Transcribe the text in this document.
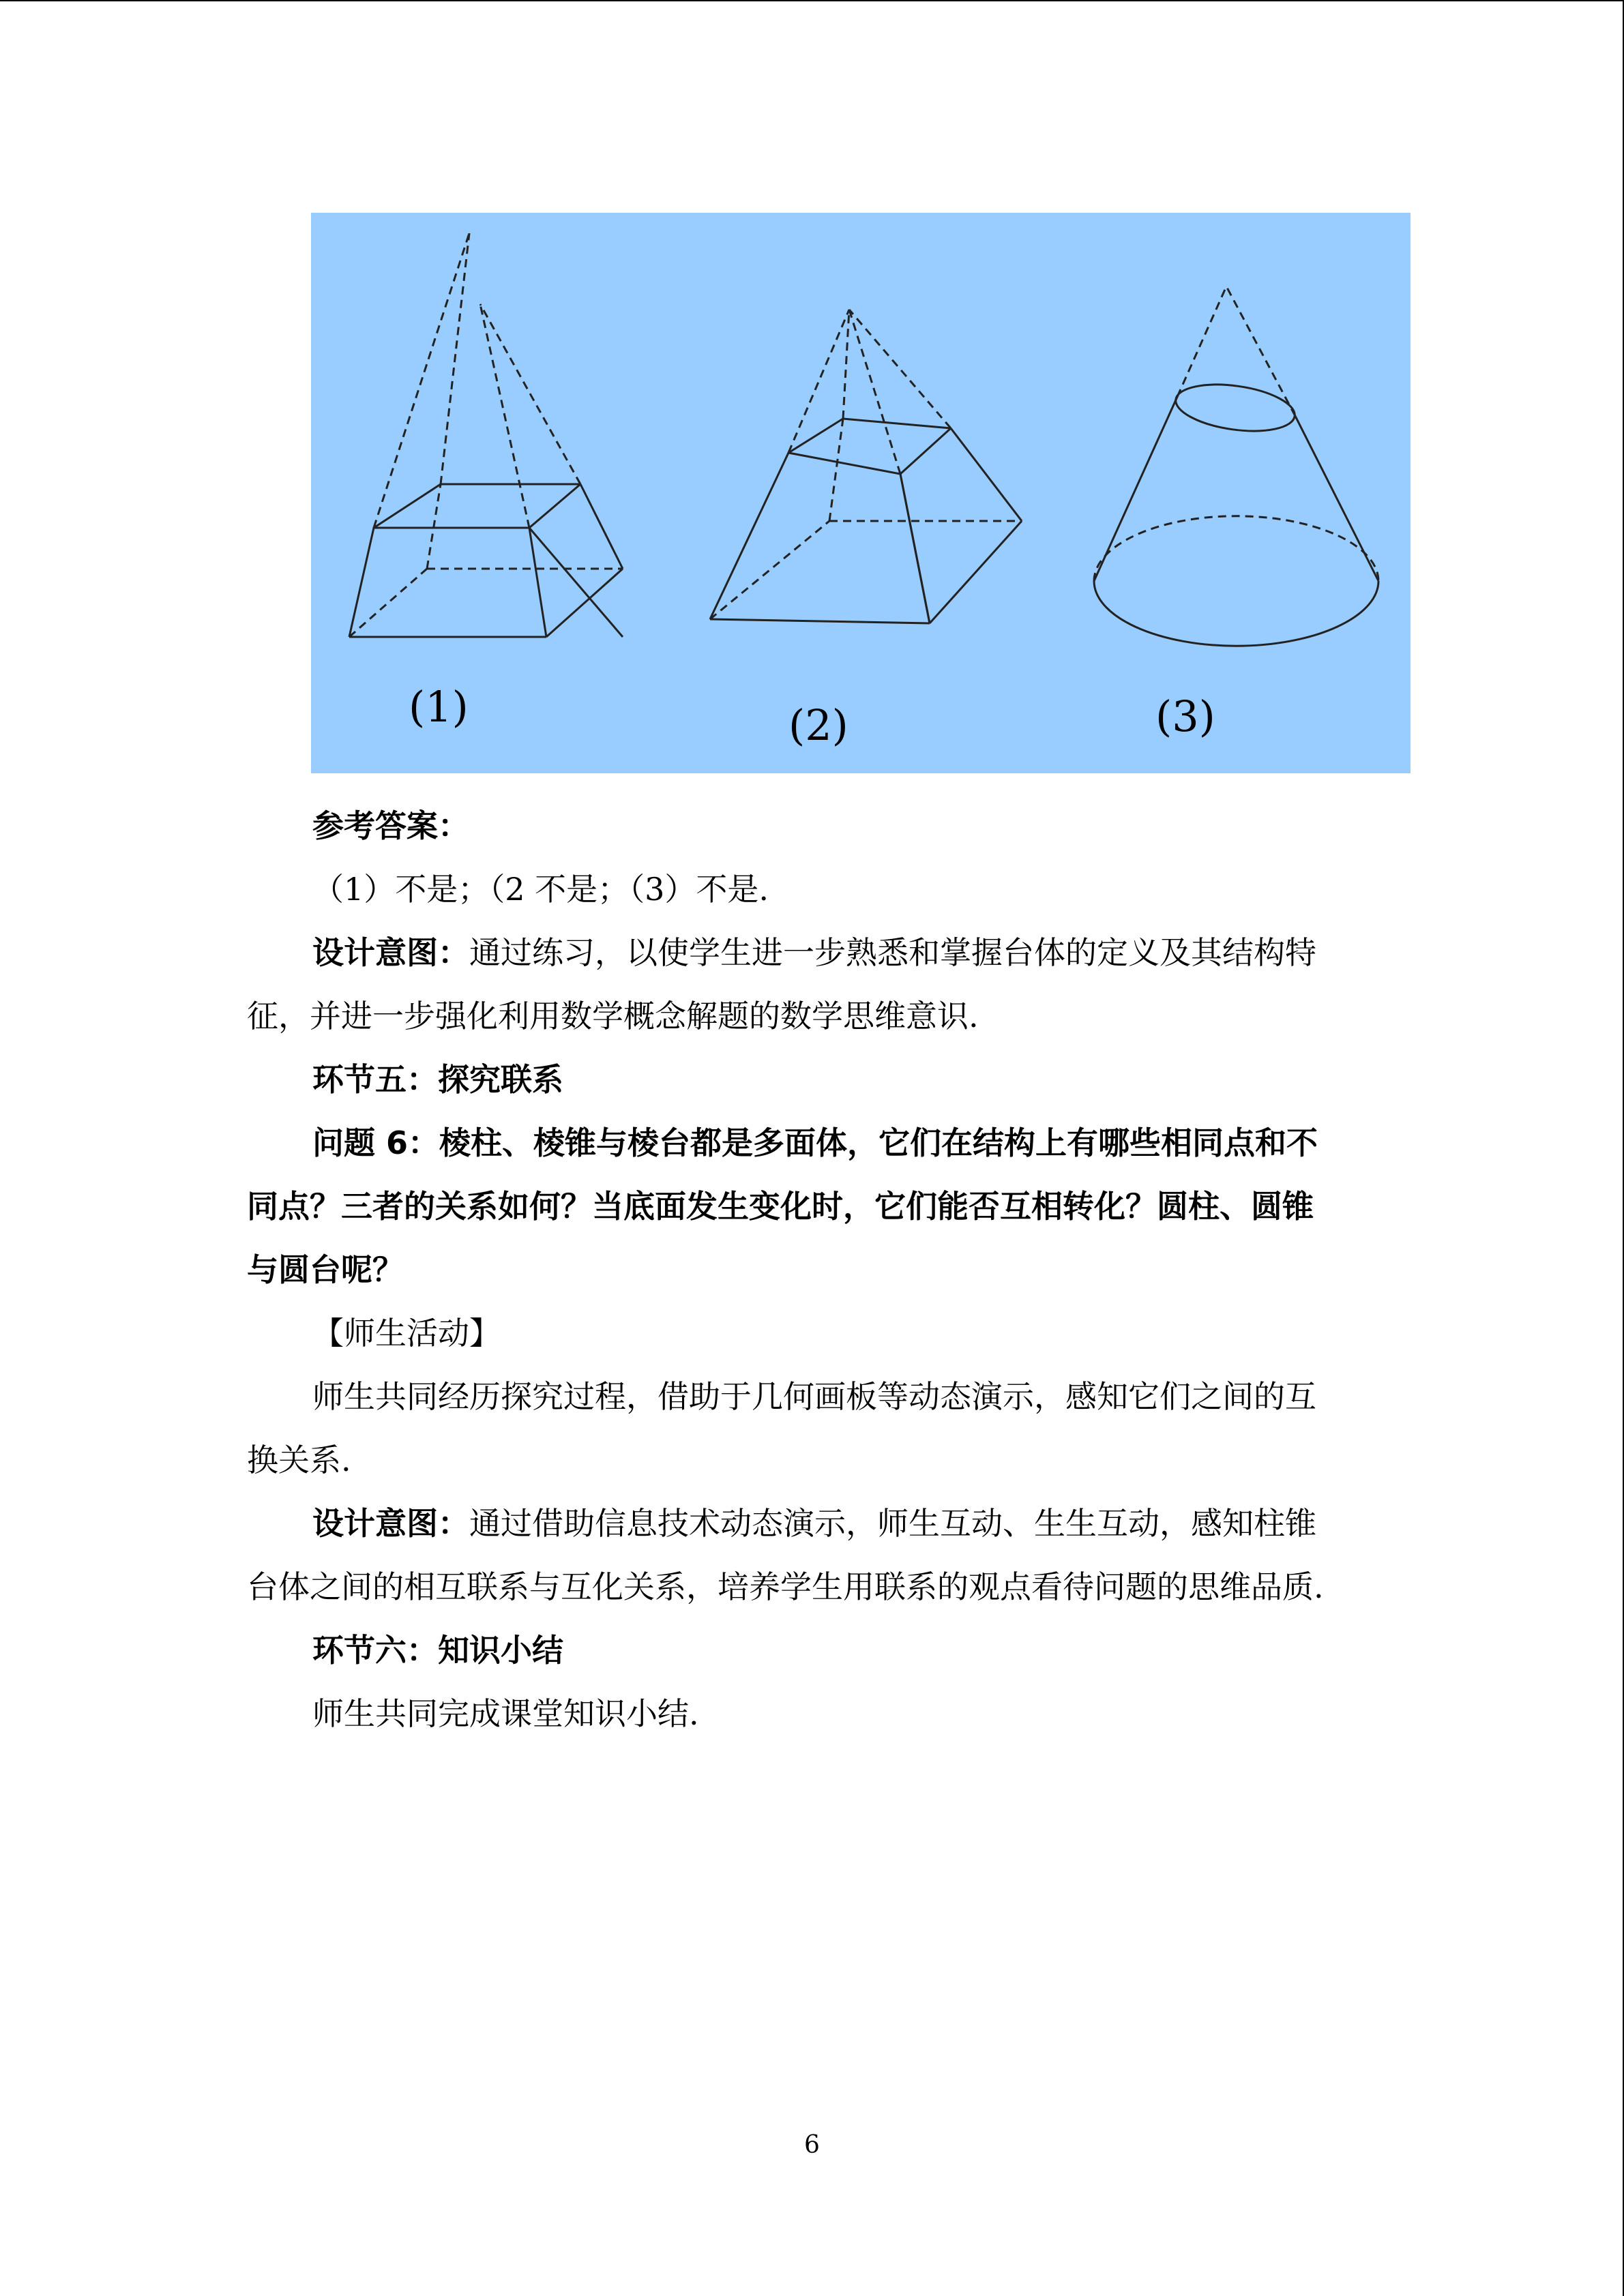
(1)	(2)	(3)
参考答案：
（1）不是；（2 不是；（3）不是.
设计意图：通过练习，以使学生进一步熟悉和掌握台体的定义及其结构特
征，并进一步强化利用数学概念解题的数学思维意识.
环节五：探究联系
问题 6：棱柱、棱锥与棱台都是多面体，它们在结构上有哪些相同点和不
同点？三者的关系如何？当底面发生变化时，它们能否互相转化？圆柱、圆锥
与圆台呢？
【师生活动】
师生共同经历探究过程，借助于几何画板等动态演示，感知它们之间的互
换关系.
设计意图：通过借助信息技术动态演示，师生互动、生生互动，感知柱锥
台体之间的相互联系与互化关系，培养学生用联系的观点看待问题的思维品质.
环节六：知识小结
师生共同完成课堂知识小结.
6
